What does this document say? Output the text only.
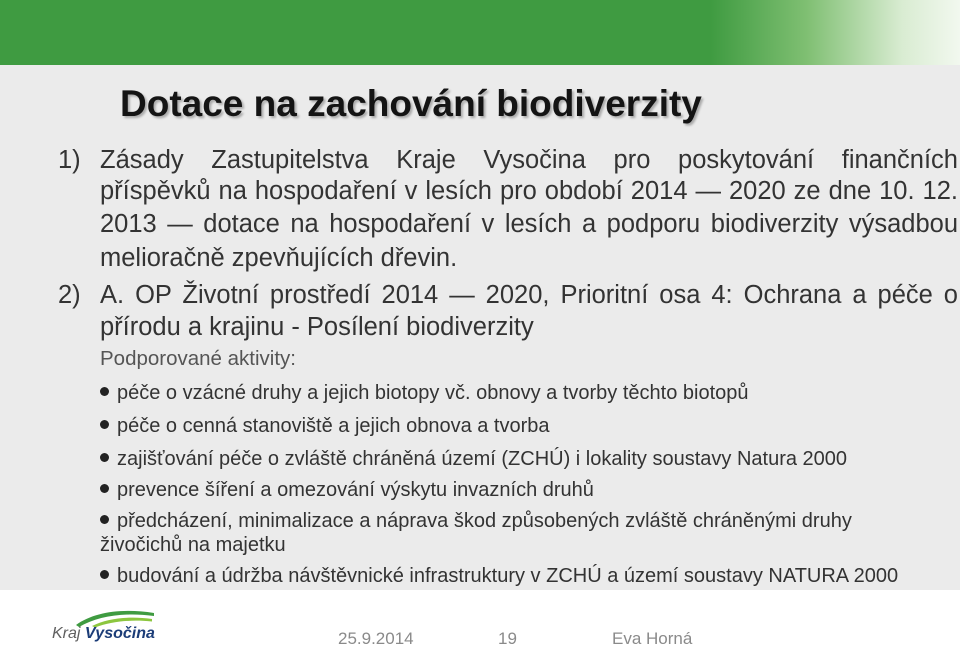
Dotace na zachování biodiverzity
1) Zásady Zastupitelstva Kraje Vysočina pro poskytování finančních
příspěvků na hospodaření v lesích pro období 2014 — 2020 ze dne 10. 12.
2013 — dotace na hospodaření v lesích a podporu biodiverzity výsadbou
melioračně zpevňujících dřevin.
2) A. OP Životní prostředí 2014 — 2020, Prioritní osa 4: Ochrana a péče o
přírodu a krajinu - Posílení biodiverzity
Podporované aktivity:
péče o vzácné druhy a jejich biotopy vč. obnovy a tvorby těchto biotopů
péče o cenná stanoviště a jejich obnova a tvorba
zajišťování péče o zvláště chráněná území (ZCHÚ) i lokality soustavy Natura 2000
prevence šíření a omezování výskytu invazních druhů
předcházení, minimalizace a náprava škod způsobených zvláště chráněnými druhy
živočichů na majetku
budování a údržba návštěvnické infrastruktury v ZCHÚ a území soustavy NATURA 2000
Kraj Vysočina	25.9.2014	19	Eva Horná
